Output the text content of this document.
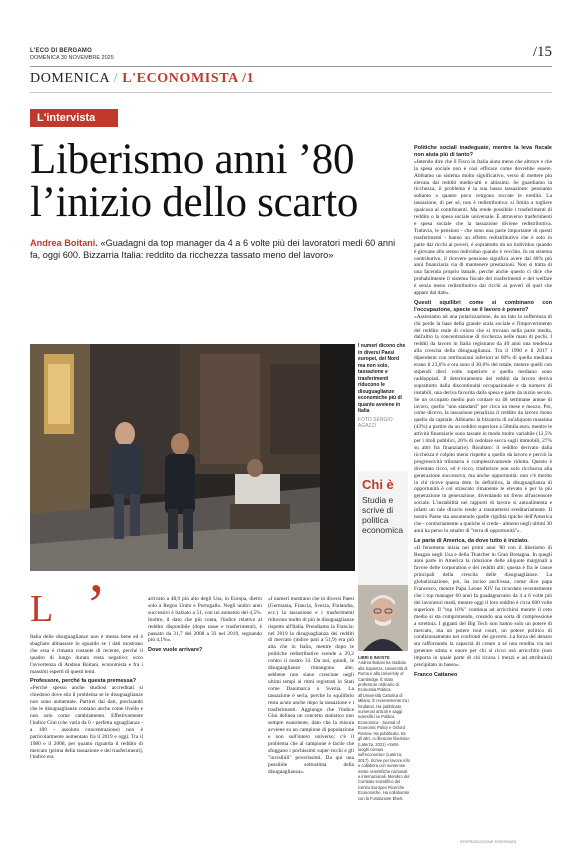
L'ECO DI BERGAMO
DOMENICA 30 NOVEMBRE 2025	/15
DOMENICA / L'ECONOMISTA /1
L'intervista
Liberismo anni ’80
l’inizio dello scarto
Andrea Boitani. «Guadagni da top manager da 4 a 6 volte più dei lavoratori medi 60 anni fa, oggi 600. Bizzarria Italia: reddito da ricchezza tassato meno del lavoro»
I numeri dicono che in diversi Paesi europei, del Nord ma non solo, tassazione e trasferimenti riducono le disuguaglianze economiche più di quanto avviene in Italia
FOTO SERGIO AGAZZI
Chi è
Studia e scrive di politica economica
LIBRI E INVISTE
Andrea Boitani ha studiato alla Sapienza, Università di Roma e alla University of Cambridge. È stato professore ordinario di Economia Politica all'Università Cattolica di Milano. È recentemente tra i fondatori. Ha pubblicato numerosi articoli e saggi scientifici su Politica Economica - Journal of Economic Policy e Oxford Review. Ha pubblicato, tra gli altri, «L'illusione liberista» (Laterza, 2021) «Sette luoghi comuni sull'economia» (Laterza, 2017). Scrive per lavoce.info e collabora con numerose riviste scientifiche nazionali e internazionali. Membro del Comitato scientifico del Centro Europeo Ricerche Economiche. Ha collaborato con la Fondazione Ebert.
L ’

Italia delle disuguaglianze non è messa bene ed è sbagliato abbassare lo sguardo se i dati mostrano che essa è rimasta costante di recente, perché il quadro di lungo durata resta negativo: ecco l'avvertenza di Andrea Boitani, economista e fra i massimi esperti di questi temi.

Professore, perché fa questa premessa?

«Perché spesso anche studiosi accreditati si chiedono dove stia il problema se le disuguaglianze non sono aumentate. Partirei dai dati, precisando che le disuguaglianze contano anche come livello e non solo come cambiamento. Effettivamente l'indice Gini (che varia da 0 - perfetta uguaglianza - a 100 - assoluta concentrazione) non è particolarmente aumentato fra il 2019 e oggi. Tra il 1980 e il 2008, per quanto riguarda il reddito di mercato (prima della tassazione e dei trasferimenti), l'indice era

arrivato a 48,9 più alto degli Usa, in Europa, dietro solo a Regno Unito e Portogallo. Negli undici anni successivi è balzato a 51, con un aumento del 4,5%. Inoltre, il dato che più conta, l'indice relativo al reddito disponibile (dopo tasse e trasferimenti), è passato da 31,7 del 2008 a 33 nel 2019, segnando più 4,1%».

Dove vuole arrivare?

«I numeri mostrano che in diversi Paesi (Germania, Francia, Svezia, Finlandia, ecc.) la tassazione e i trasferimenti riducono molto di più le disuguaglianze rispetto all'Italia. Prendiamo la Francia: nel 2019 la disuguaglianza dei redditi di mercato (indice pari a 51,9) era più alta che in Italia, mentre dopo le politiche redistributive scende a 29,2 contro il nostro 33. Da noi, quindi, le disuguaglianze rimangono alte, sebbene non siano cresciute negli ultimi tempi ai ritmi registrati in Stati come Danimarca o Svezia. La tassazione è seria, perché lo squilibrio resta acuto anche dopo la tassazione e i trasferimenti. Aggiungo che l'indice Gini delinea un concetto statistico non sempre esauriente, dato che la misura avviene su un campione di popolazione e non sull'intero universo; c'è il problema che al campione è facile che sfuggano i pochissimi super-ricchi e gli "invisibili" poverissimi. Da qui una possibile sottostima della disuguaglianza».

Politiche sociali inadeguate, mentre la leva fiscale non aiuta più di tanto?

«Intendo dire che il Fisco in Italia aiuta meno che altrove e che la spesa sociale non è così efficace come dovrebbe essere. Abbiamo un sistema molto significativo, verso di mettere più elevata dai redditi medio-alti e altissimi. Se guardiamo la ricchezza, il problema è la sua bassa tassazione: pensiamo soltanto a quanto poco vengono toccate le eredità. La tassazione, di per sé, non è redistributiva: si limita a togliere qualcosa ai contribuenti. Ma rende possibile i trasferimenti di reddito o la spesa sociale universale. È attraverso trasferimenti e spesa sociale che la tassazione diviene redistributiva. Tuttavia, le pensioni - che sono una parte importante di questi trasferimenti - hanno un effetto redistributivo che è solo in parte dai ricchi ai poveri, è soprattutto da un individuo quando è giovane allo stesso individuo quando è vecchio. In un sistema contributivo, il ricevere pensione significa avere dal 40% più anni finanziaria via di mantenere prestazioni. Non si tratta di una facenda proprio banale, perché anche questo ci dice che probabilmente il sistema fiscale dei trasferimenti e del welfare è senza meno redistributiva dai ricchi ai poveri di quel che appare dai dati».

Questi squilibri come si combinano con l'occupazione, specie se il lavoro è povero?

«Assistiamo ad una polarizzazione, da un lato la sofferenza di chi perde la base della grande scala sociale e l'impoverimento del reddito reale di coloro che si trovano nella parte media, dall'altro la concentrazione di ricchezza nelle mani di pochi. I redditi da lavoro in Italia registrano da 40 anni una tendenza alla crescita della disuguaglianza. Tra il 1990 e il 2017 i dipendenti con retribuzioni inferiori al 60% di quella mediana erano il 23,6% e ora sono il 30,6% del totale, mentre quelli con stipendi dieci volte superiore a quello mediano sono raddoppiati. Il deterioramento dei redditi da lavoro deriva soprattutto dalla discontinuità occupazionale e da numero di instabili, una deriva favorita dalla spesa e parte da inizio secolo. Se un occupato medio può contare su 48 settimane annue di lavoro, quello "non standard" per circa un mese e mezzo. Poi, come dicevo, la tassazione penalizza il reddito da lavoro meno quello da capitale. Abbiamo la bizzarria di un'aliquota massima (43%) a partire da un reddito superiore a 50mila euro, mentre le attività finanziarie sono tassate in modo molto variabile (12,5% per i titoli pubblici, 26% di cedolare secca sugli immobili, 27% su altri fra finanziarie). Risultato: il reddito derivato dalla ricchezza è colpito meno rispetto a quello da lavoro e perciò la progressività tributaria è complessivamente ridotta. Questo è diventato ricco, ed è ricco, trasferisce non solo ricchezza alla generazione successiva, ma anche opportunità: non c'è merito in chi riceve questa dote. In definitiva, la disuguaglianza di opportunità è col strascato rimanente le elevato è per la più generazione in generazione, diventando un freno all'ascensore sociale. L'instabilità nei rapporti di lavoro si autoalimenta e infatti un tale divario tende a trasmettersi ereditariamente. Il nostro Paese sta assumendo quelle rigidità tipiche dell'America che - contrariamente a quelche si crede - almeno negli ultimi 30 anni ha perso lo smalto di "terra di opportunità"».

Le paria di America, da dove tutto è iniziato.

«Il fenomeno inizia nei primi anni '80 con il liberismo di Reagan negli Usa e della Thatcher in Gran Bretagna. In quegli anni parte in America la riduzione delle aliquote marginali a favore delle corporation e dei redditi alti: questa è fra le cause principali della crescita delle disuguaglianze. La globalizzazione, poi, ha inciso anch'essa, come dice papa Francesco, mentre Papa Leone XIV ha ricordato recentemente che i top manager 60 anni fa guadagnavano da 4 a 6 volte più dei lavoratori medi, mentre oggi il loro reddito è circa 600 volte superiore. Il "top 10%" continua ad arricchirsi mentre il ceto medio si sta comprimendo, creando una sorta di compressione a strettoia. I giganti del Big Tech non hanno solo un potere di mercato, ma un potere tout court, un potere politico di condizionamento nei confronti dei governi. La forza del denaro sta rafforzando la capacità di creare a sé una rendita via nei generare stima e onore per chi si ricco osò arricchito (non importa in quale parte di chi ricava i mezzi e ad attribuirsi) precipitato in basso».

Franco Cattaneo

©RIPRODUZIONE RISERVATA
